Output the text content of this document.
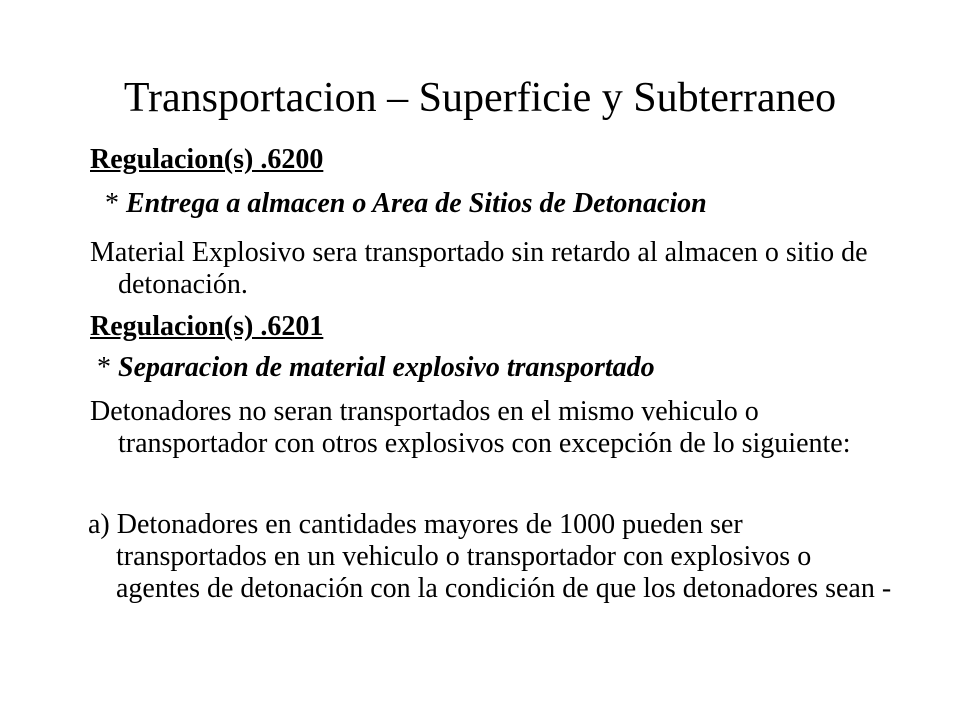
Transportacion – Superficie y Subterraneo
Regulacion(s) .6200
* Entrega a almacen o Area de Sitios de Detonacion
Material Explosivo sera transportado sin retardo al almacen o sitio de detonación.
Regulacion(s) .6201
* Separacion de material explosivo transportado
Detonadores no seran transportados en el mismo vehiculo o transportador con otros explosivos con excepción de lo siguiente:
a) Detonadores en cantidades mayores de 1000 pueden ser transportados en un vehiculo o transportador con explosivos o agentes de detonación con la condición de que los detonadores sean -
